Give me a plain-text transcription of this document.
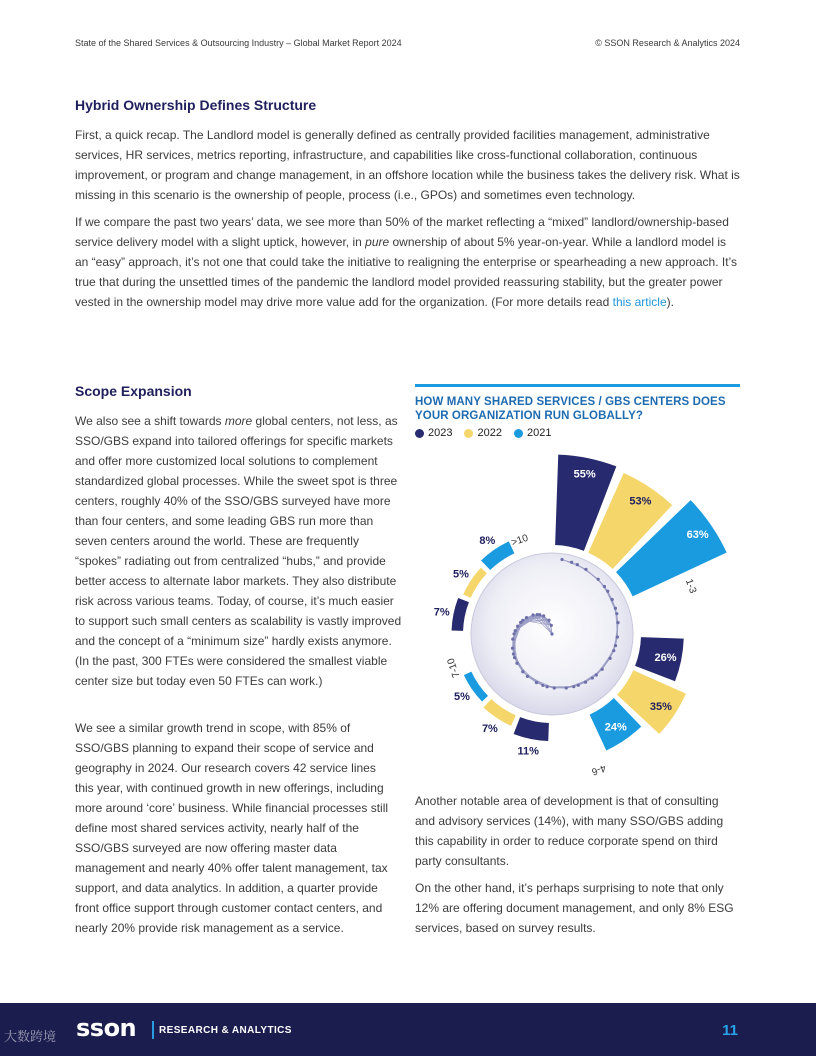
State of the Shared Services & Outsourcing Industry – Global Market Report 2024	© SSON Research & Analytics 2024
Hybrid Ownership Defines Structure

First, a quick recap. The Landlord model is generally defined as centrally provided facilities management, administrative services, HR services, metrics reporting, infrastructure, and capabilities like cross-functional collaboration, continuous improvement, or program and change management, in an offshore location while the business takes the delivery risk. What is missing in this scenario is the ownership of people, process (i.e., GPOs) and sometimes even technology.

If we compare the past two years’ data, we see more than 50% of the market reflecting a “mixed” landlord/ownership-based service delivery model with a slight uptick, however, in pure ownership of about 5% year-on-year. While a landlord model is an “easy” approach, it’s not one that could take the initiative to realigning the enterprise or spearheading a new approach. It’s true that during the unsettled times of the pandemic the landlord model provided reassuring stability, but the greater power vested in the ownership model may drive more value add for the organization. (For more details read this article).

Scope Expansion

We also see a shift towards more global centers, not less, as SSO/GBS expand into tailored offerings for specific markets and offer more customized local solutions to complement standardized global processes. While the sweet spot is three centers, roughly 40% of the SSO/GBS surveyed have more than four centers, and some leading GBS run more than seven centers around the world. These are frequently “spokes” radiating out from centralized “hubs,” and provide better access to alternate labor markets. They also distribute risk across various teams. Today, of course, it’s much easier to support such small centers as scalability is vastly improved and the concept of a “minimum size” hardly exists anymore. (In the past, 300 FTEs were considered the smallest viable center size but today even 50 FTEs can work.)

We see a similar growth trend in scope, with 85% of SSO/GBS planning to expand their scope of service and geography in 2024. Our research covers 42 service lines this year, with continued growth in new offerings, including more around ‘core’ business. While financial processes still define most shared services activity, nearly half of the SSO/GBS surveyed are now offering master data management and nearly 40% offer talent management, tax support, and data analytics. In addition, a quarter provide front office support through customer contact centers, and nearly 20% provide risk management as a service.

Another notable area of development is that of consulting and advisory services (14%), with many SSO/GBS adding this capability in order to reduce corporate spend on third party consultants.

On the other hand, it’s perhaps surprising to note that only 12% are offering document management, and only 8% ESG services, based on survey results.

HOW MANY SHARED SERVICES / GBS CENTERS DOES YOUR ORGANIZATION RUN GLOBALLY?
2023 2022 2021
55%
53%
63%
1-3
26%
35%
24%
4-6
11%
7%
5%
7-10
7%
5%
8% >10
大数跨境 sson RESEARCH & ANALYTICS	11
